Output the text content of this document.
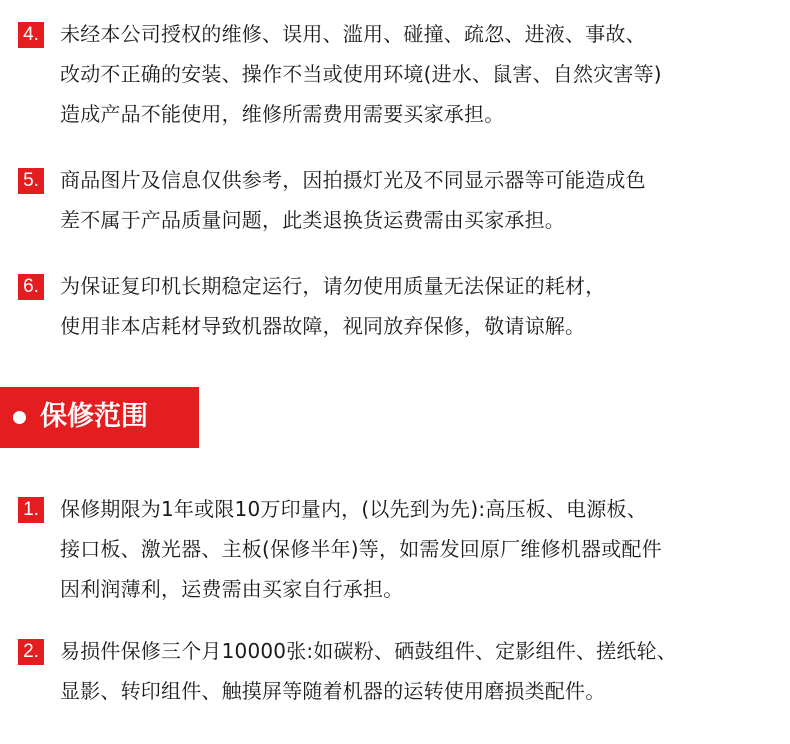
4. 未经本公司授权的维修、误用、滥用、碰撞、疏忽、进液、事故、
改动不正确的安装、操作不当或使用环境(进水、鼠害、自然灾害等)
造成产品不能使用，维修所需费用需要买家承担。
5. 商品图片及信息仅供参考，因拍摄灯光及不同显示器等可能造成色
差不属于产品质量问题，此类退换货运费需由买家承担。
6. 为保证复印机长期稳定运行，请勿使用质量无法保证的耗材，
使用非本店耗材导致机器故障，视同放弃保修，敬请谅解。
保修范围
1. 保修期限为1年或限10万印量内，(以先到为先):高压板、电源板、
接口板、激光器、主板(保修半年)等，如需发回原厂维修机器或配件
因利润薄利，运费需由买家自行承担。
2. 易损件保修三个月10000张:如碳粉、硒鼓组件、定影组件、搓纸轮、
显影、转印组件、触摸屏等随着机器的运转使用磨损类配件。
